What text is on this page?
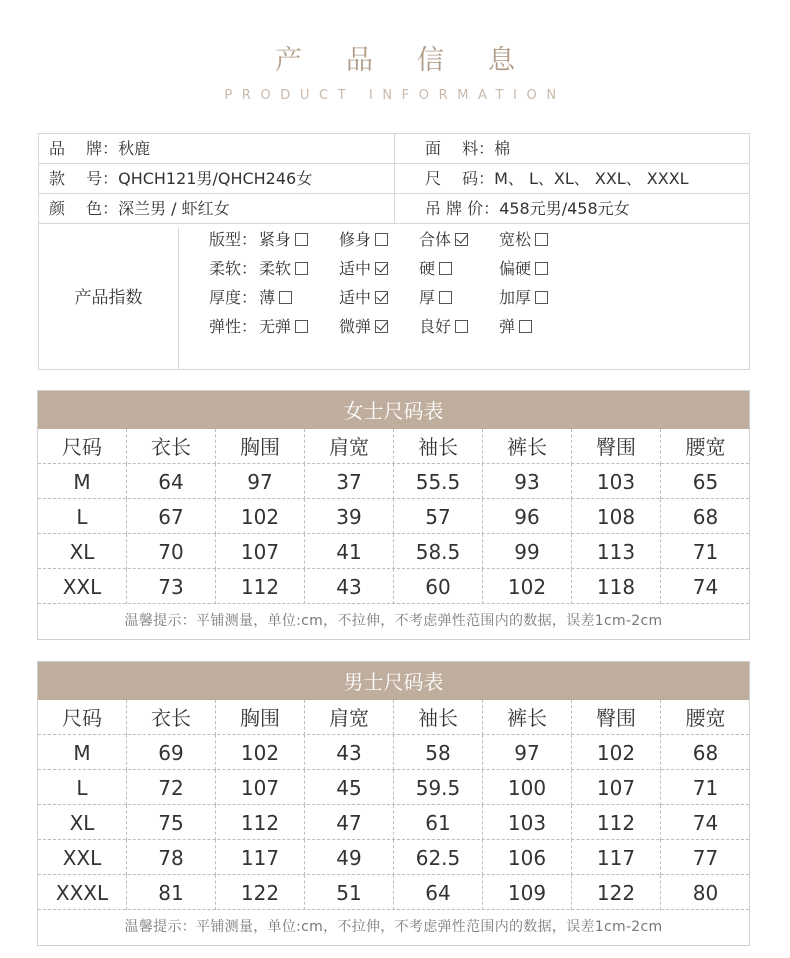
产 品 信 息
PRODUCT INFORMATION
品　 牌：秋鹿	面　 料：棉
款　 号：QHCH121男/QHCH246女	尺　 码：M、 L、XL、 XXL、 XXXL
颜　 色：深兰男 / 虾红女	吊 牌 价：458元男/458元女
产品指数
版型： 紧身	修身	合体	宽松
柔软： 柔软	适中	硬	偏硬
厚度： 薄	适中	厚	加厚
弹性： 无弹	微弹	良好	弹
女士尺码表
尺码	衣长	胸围	肩宽	袖长	裤长	臀围	腰宽
M	64	97	37	55.5	93	103	65
L	67	102	39	57	96	108	68
XL	70	107	41	58.5	99	113	71
XXL	73	112	43	60	102	118	74
温馨提示：平铺测量，单位:cm，不拉伸，不考虑弹性范围内的数据，误差1cm-2cm
男士尺码表
尺码	衣长	胸围	肩宽	袖长	裤长	臀围	腰宽
M	69	102	43	58	97	102	68
L	72	107	45	59.5	100	107	71
XL	75	112	47	61	103	112	74
XXL	78	117	49	62.5	106	117	77
XXXL	81	122	51	64	109	122	80
温馨提示：平铺测量，单位:cm，不拉伸，不考虑弹性范围内的数据，误差1cm-2cm
